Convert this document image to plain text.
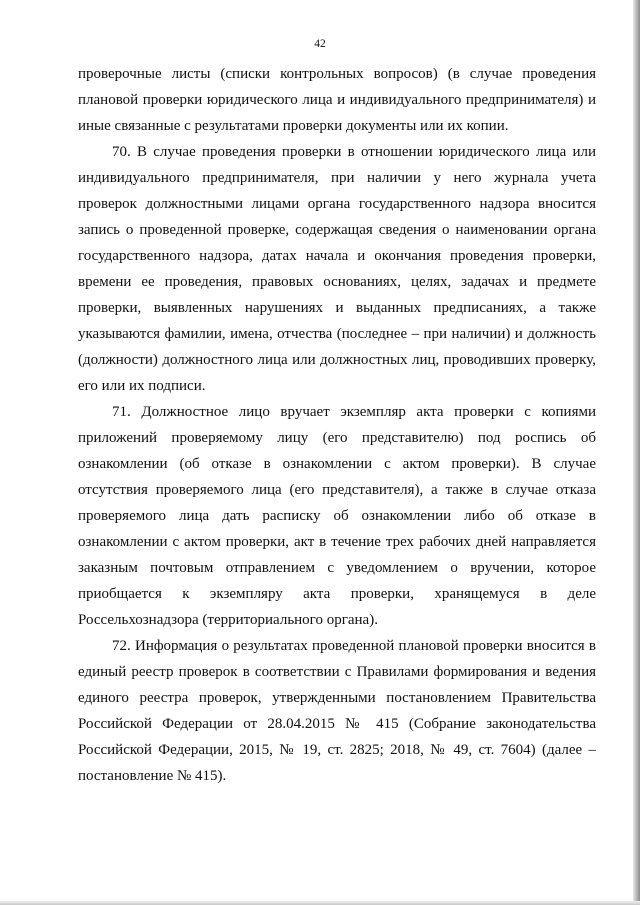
42

проверочные листы (списки контрольных вопросов) (в случае проведения плановой проверки юридического лица и индивидуального предпринимателя) и иные связанные с результатами проверки документы или их копии.

70. В случае проведения проверки в отношении юридического лица или индивидуального предпринимателя, при наличии у него журнала учета проверок должностными лицами органа государственного надзора вносится запись о проведенной проверке, содержащая сведения о наименовании органа государственного надзора, датах начала и окончания проведения проверки, времени ее проведения, правовых основаниях, целях, задачах и предмете проверки, выявленных нарушениях и выданных предписаниях, а также указываются фамилии, имена, отчества (последнее – при наличии) и должность (должности) должностного лица или должностных лиц, проводивших проверку, его или их подписи.

71. Должностное лицо вручает экземпляр акта проверки с копиями приложений проверяемому лицу (его представителю) под роспись об ознакомлении (об отказе в ознакомлении с актом проверки). В случае отсутствия проверяемого лица (его представителя), а также в случае отказа проверяемого лица дать расписку об ознакомлении либо об отказе в ознакомлении с актом проверки, акт в течение трех рабочих дней направляется заказным почтовым отправлением с уведомлением о вручении, которое приобщается к экземпляру акта проверки, хранящемуся в деле Россельхознадзора (территориального органа).

72. Информация о результатах проведенной плановой проверки вносится в единый реестр проверок в соответствии с Правилами формирования и ведения единого реестра проверок, утвержденными постановлением Правительства Российской Федерации от 28.04.2015 № 415 (Собрание законодательства Российской Федерации, 2015, № 19, ст. 2825; 2018, № 49, ст. 7604) (далее – постановление № 415).
